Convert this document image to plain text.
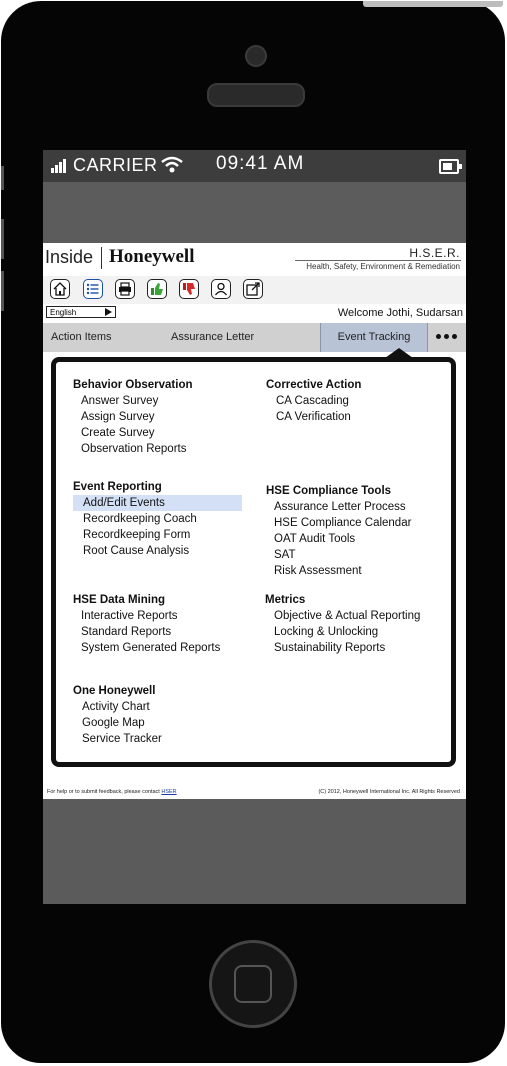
CARRIER	09:41 AM
Inside Honeywell	H.S.E.R.
Health, Safety, Environment & Remediation
English	Welcome Jothi, Sudarsan
Action Items	Assurance Letter	Event Tracking
Behavior Observation
Answer Survey
Assign Survey
Create Survey
Observation Reports
Corrective Action
CA Cascading
CA Verification
Event Reporting
Add/Edit Events
Recordkeeping Coach
Recordkeeping Form
Root Cause Analysis
HSE Compliance Tools
Assurance Letter Process
HSE Compliance Calendar
OAT Audit Tools
SAT
Risk Assessment
HSE Data Mining
Interactive Reports
Standard Reports
System Generated Reports
Metrics
Objective & Actual Reporting
Locking & Unlocking
Sustainability Reports
One Honeywell
Activity Chart
Google Map
Service Tracker
For help or to submit feedback, please contact HSER	(C) 2012, Honeywell International Inc. All Rights Reserved
